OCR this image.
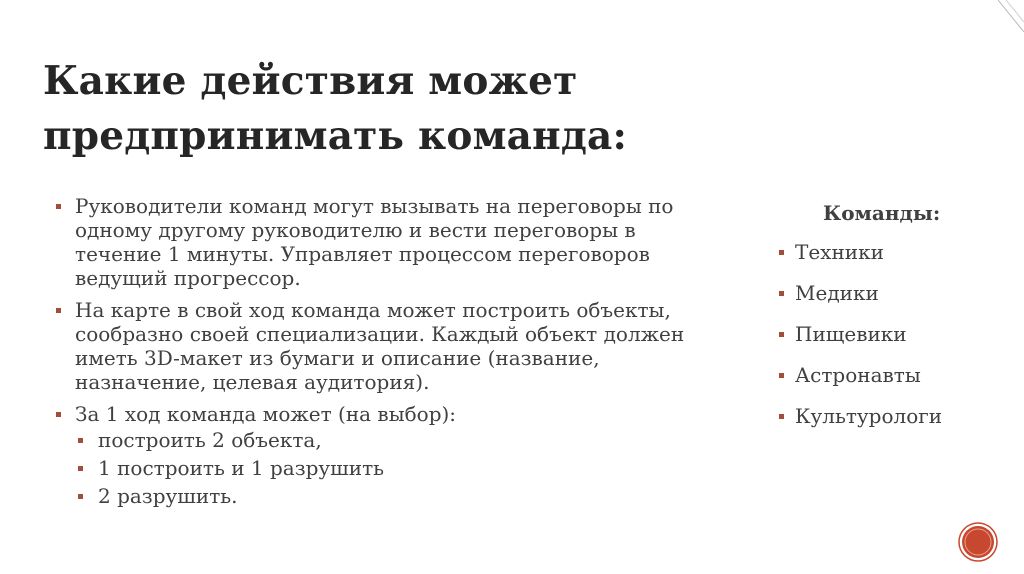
Какие действия может
предпринимать команда:
Руководители команд могут вызывать на переговоры по
одному другому руководителю и вести переговоры в
течение 1 минуты. Управляет процессом переговоров
ведущий прогрессор.
На карте в свой ход команда может построить объекты,
сообразно своей специализации. Каждый объект должен
иметь 3D-макет из бумаги и описание (название,
назначение, целевая аудитория).
За 1 ход команда может (на выбор):
построить 2 объекта,
1 построить и 1 разрушить
2 разрушить.

Команды:

Техники
Медики
Пищевики
Астронавты
Культурологи
